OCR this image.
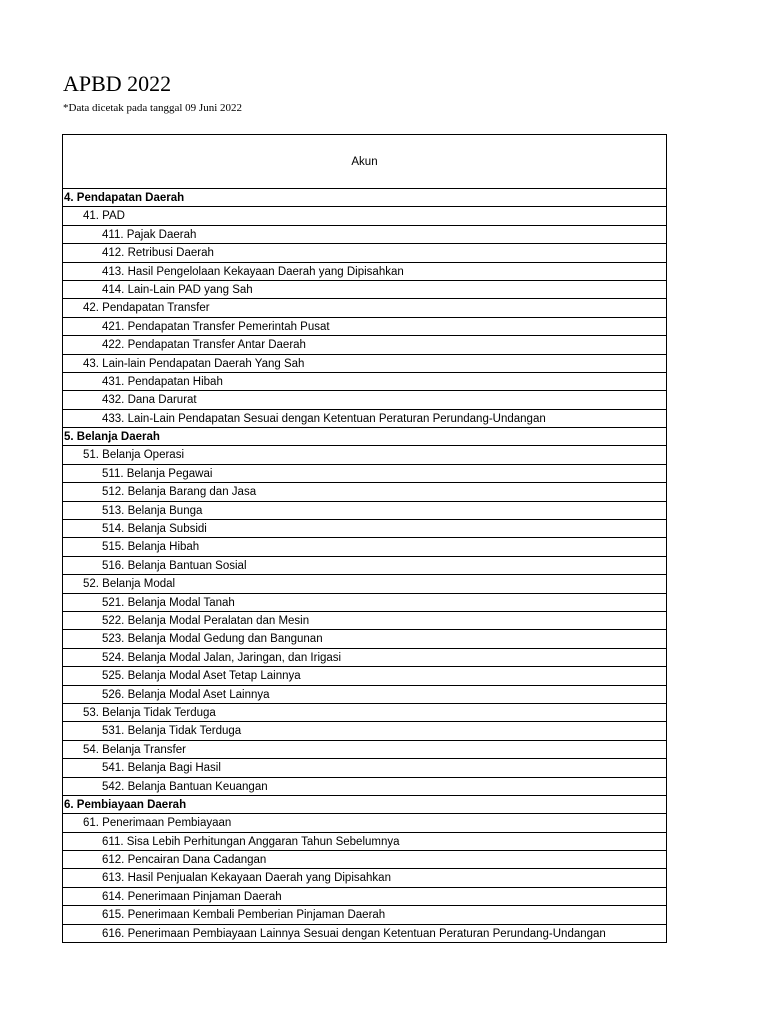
APBD 2022
*Data dicetak pada tanggal 09 Juni 2022
Akun
4. Pendapatan Daerah
41. PAD
411. Pajak Daerah
412. Retribusi Daerah
413. Hasil Pengelolaan Kekayaan Daerah yang Dipisahkan
414. Lain-Lain PAD yang Sah
42. Pendapatan Transfer
421. Pendapatan Transfer Pemerintah Pusat
422. Pendapatan Transfer Antar Daerah
43. Lain-lain Pendapatan Daerah Yang Sah
431. Pendapatan Hibah
432. Dana Darurat
433. Lain-Lain Pendapatan Sesuai dengan Ketentuan Peraturan Perundang-Undangan
5. Belanja Daerah
51. Belanja Operasi
511. Belanja Pegawai
512. Belanja Barang dan Jasa
513. Belanja Bunga
514. Belanja Subsidi
515. Belanja Hibah
516. Belanja Bantuan Sosial
52. Belanja Modal
521. Belanja Modal Tanah
522. Belanja Modal Peralatan dan Mesin
523. Belanja Modal Gedung dan Bangunan
524. Belanja Modal Jalan, Jaringan, dan Irigasi
525. Belanja Modal Aset Tetap Lainnya
526. Belanja Modal Aset Lainnya
53. Belanja Tidak Terduga
531. Belanja Tidak Terduga
54. Belanja Transfer
541. Belanja Bagi Hasil
542. Belanja Bantuan Keuangan
6. Pembiayaan Daerah
61. Penerimaan Pembiayaan
611. Sisa Lebih Perhitungan Anggaran Tahun Sebelumnya
612. Pencairan Dana Cadangan
613. Hasil Penjualan Kekayaan Daerah yang Dipisahkan
614. Penerimaan Pinjaman Daerah
615. Penerimaan Kembali Pemberian Pinjaman Daerah
616. Penerimaan Pembiayaan Lainnya Sesuai dengan Ketentuan Peraturan Perundang-Undangan
